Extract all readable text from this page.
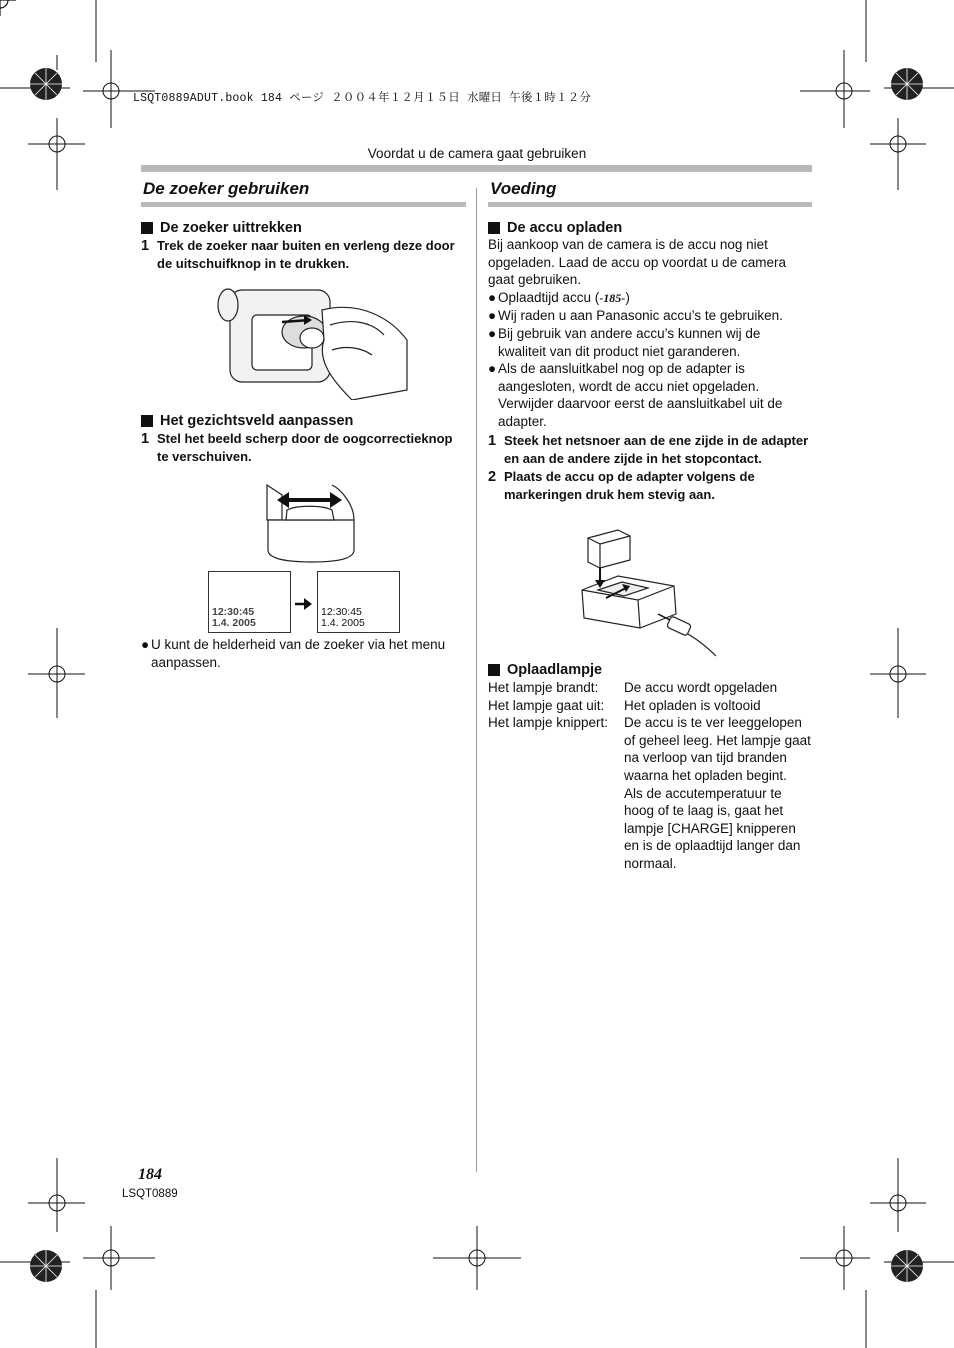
LSQT0889ADUT.book 184 ページ ２００４年１２月１５日 水曜日 午後１時１２分
Voordat u de camera gaat gebruiken
De zoeker gebruiken
De zoeker uittrekken
1 Trek de zoeker naar buiten en verleng deze door de uitschuifknop in te drukken.
Het gezichtsveld aanpassen
1 Stel het beeld scherp door de oogcorrectieknop te verschuiven.
12:30:45
1.4. 2005
12:30:45
1.4. 2005
● U kunt de helderheid van de zoeker via het menu aanpassen.
Voeding
De accu opladen
Bij aankoop van de camera is de accu nog niet opgeladen. Laad de accu op voordat u de camera gaat gebruiken.
● Oplaadtijd accu (-185-)
● Wij raden u aan Panasonic accu’s te gebruiken.
● Bij gebruik van andere accu’s kunnen wij de kwaliteit van dit product niet garanderen.
● Als de aansluitkabel nog op de adapter is aangesloten, wordt de accu niet opgeladen. Verwijder daarvoor eerst de aansluitkabel uit de adapter.
1 Steek het netsnoer aan de ene zijde in de adapter en aan de andere zijde in het stopcontact.
2 Plaats de accu op de adapter volgens de markeringen druk hem stevig aan.
Oplaadlampje
Het lampje brandt:	De accu wordt opgeladen
Het lampje gaat uit:	Het opladen is voltooid
Het lampje knippert:	De accu is te ver leeggelopen of geheel leeg. Het lampje gaat na verloop van tijd branden waarna het opladen begint.
Als de accutemperatuur te hoog of te laag is, gaat het lampje [CHARGE] knipperen en is de oplaadtijd langer dan normaal.
184
LSQT0889
